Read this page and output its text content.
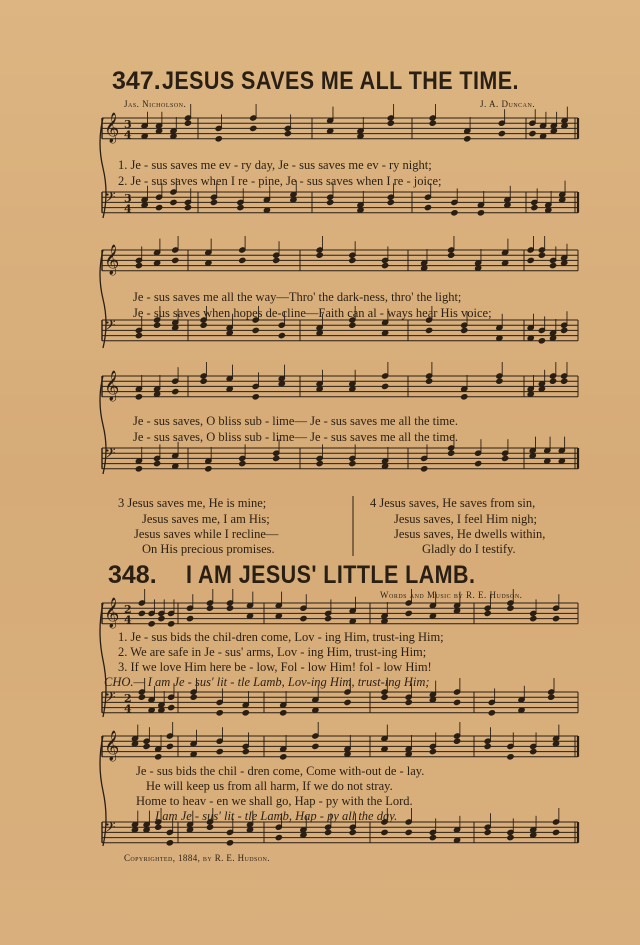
347. JESUS SAVES ME ALL THE TIME.
Jas. Nicholson.	J. A. Duncan.
𝄞 3
4
𝄢 3
4
𝄞
𝄢
𝄞
𝄢
𝄞 2
4
𝄢 2
4
𝄞
𝄢
1. Je - sus saves me ev - ry day, Je - sus saves me ev - ry night;
2. Je - sus saves when I re - pine, Je - sus saves when I re - joice;
Je - sus saves me all the way—Thro' the dark-ness, thro' the light;
Je - sus saves when hopes de-cline—Faith can al - ways hear His voice;
Je - sus saves, O bliss sub - lime— Je - sus saves me all the time.
Je - sus saves, O bliss sub - lime— Je - sus saves me all the time.
3 Jesus saves me, He is mine;
Jesus saves me, I am His;
Jesus saves while I recline—
On His precious promises.
4 Jesus saves, He saves from sin,
Jesus saves, I feel Him nigh;
Jesus saves, He dwells within,
Gladly do I testify.
348. I AM JESUS' LITTLE LAMB.
Words and Music by R. E. Hudson.
1. Je - sus bids the chil-dren come, Lov - ing Him, trust-ing Him;
2. We are safe in Je - sus' arms, Lov - ing Him, trust-ing Him;
3. If we love Him here be - low, Fol - low Him! fol - low Him!
CHO.— I am Je - sus' lit - tle Lamb, Lov-ing Him, trust-ing Him;
Je - sus bids the chil - dren come, Come with-out de - lay.
He will keep us from all harm, If we do not stray.
Home to heav - en we shall go, Hap - py with the Lord.
I am Je - sus' lit - tle Lamb, Hap - py all the day.
Copyrighted, 1884, by R. E. Hudson.
